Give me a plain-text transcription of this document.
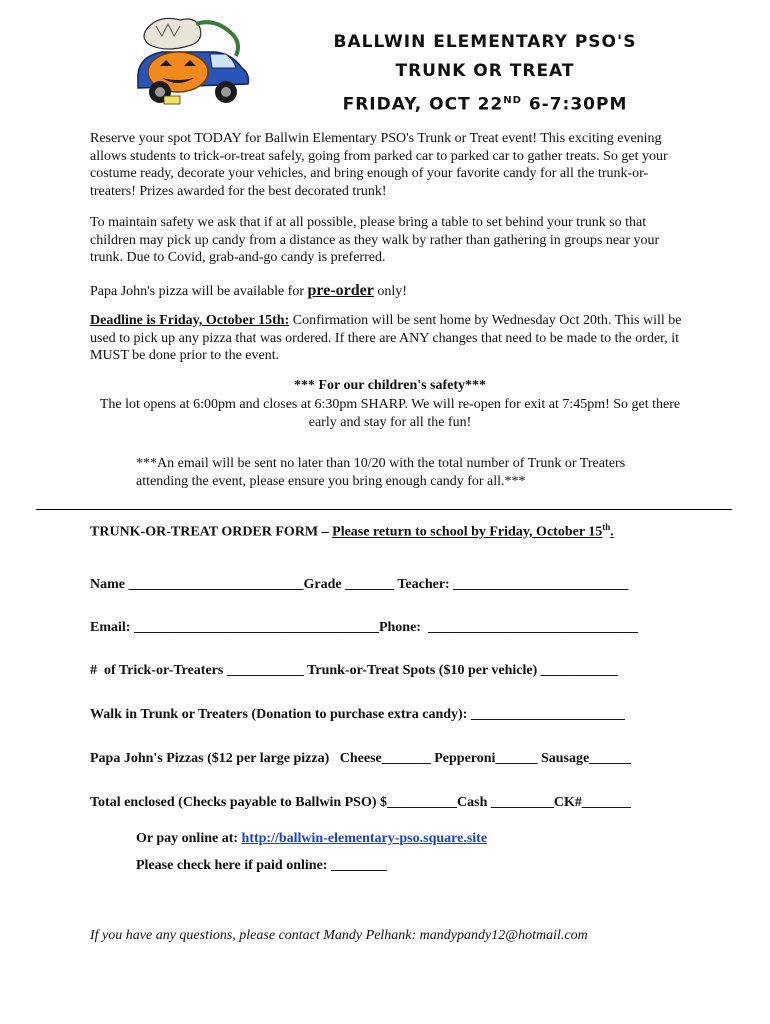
BALLWIN ELEMENTARY PSO'S
TRUNK OR TREAT
FRIDAY, OCT 22ND 6-7:30PM
Reserve your spot TODAY for Ballwin Elementary PSO's Trunk or Treat event! This exciting evening allows students to trick-or-treat safely, going from parked car to parked car to gather treats. So get your costume ready, decorate your vehicles, and bring enough of your favorite candy for all the trunk-or-treaters! Prizes awarded for the best decorated trunk!
To maintain safety we ask that if at all possible, please bring a table to set behind your trunk so that children may pick up candy from a distance as they walk by rather than gathering in groups near your trunk. Due to Covid, grab-and-go candy is preferred.
Papa John's pizza will be available for pre-order only!
Deadline is Friday, October 15th: Confirmation will be sent home by Wednesday Oct 20th. This will be used to pick up any pizza that was ordered. If there are ANY changes that need to be made to the order, it MUST be done prior to the event.
*** For our children's safety***
The lot opens at 6:00pm and closes at 6:30pm SHARP. We will re-open for exit at 7:45pm! So get there early and stay for all the fun!
***An email will be sent no later than 10/20 with the total number of Trunk or Treaters attending the event, please ensure you bring enough candy for all.***
TRUNK-OR-TREAT ORDER FORM – Please return to school by Friday, October 15th.
Name _________________________Grade _______ Teacher: _________________________
Email: ___________________________________Phone:  ______________________________
#  of Trick-or-Treaters ___________ Trunk-or-Treat Spots ($10 per vehicle) ___________
Walk in Trunk or Treaters (Donation to purchase extra candy): ______________________
Papa John's Pizzas ($12 per large pizza)   Cheese_______ Pepperoni______ Sausage______
Total enclosed (Checks payable to Ballwin PSO) $__________Cash _________CK#_______
Or pay online at: http://ballwin-elementary-pso.square.site
Please check here if paid online: ________
If you have any questions, please contact Mandy Pelhank: mandypandy12@hotmail.com
